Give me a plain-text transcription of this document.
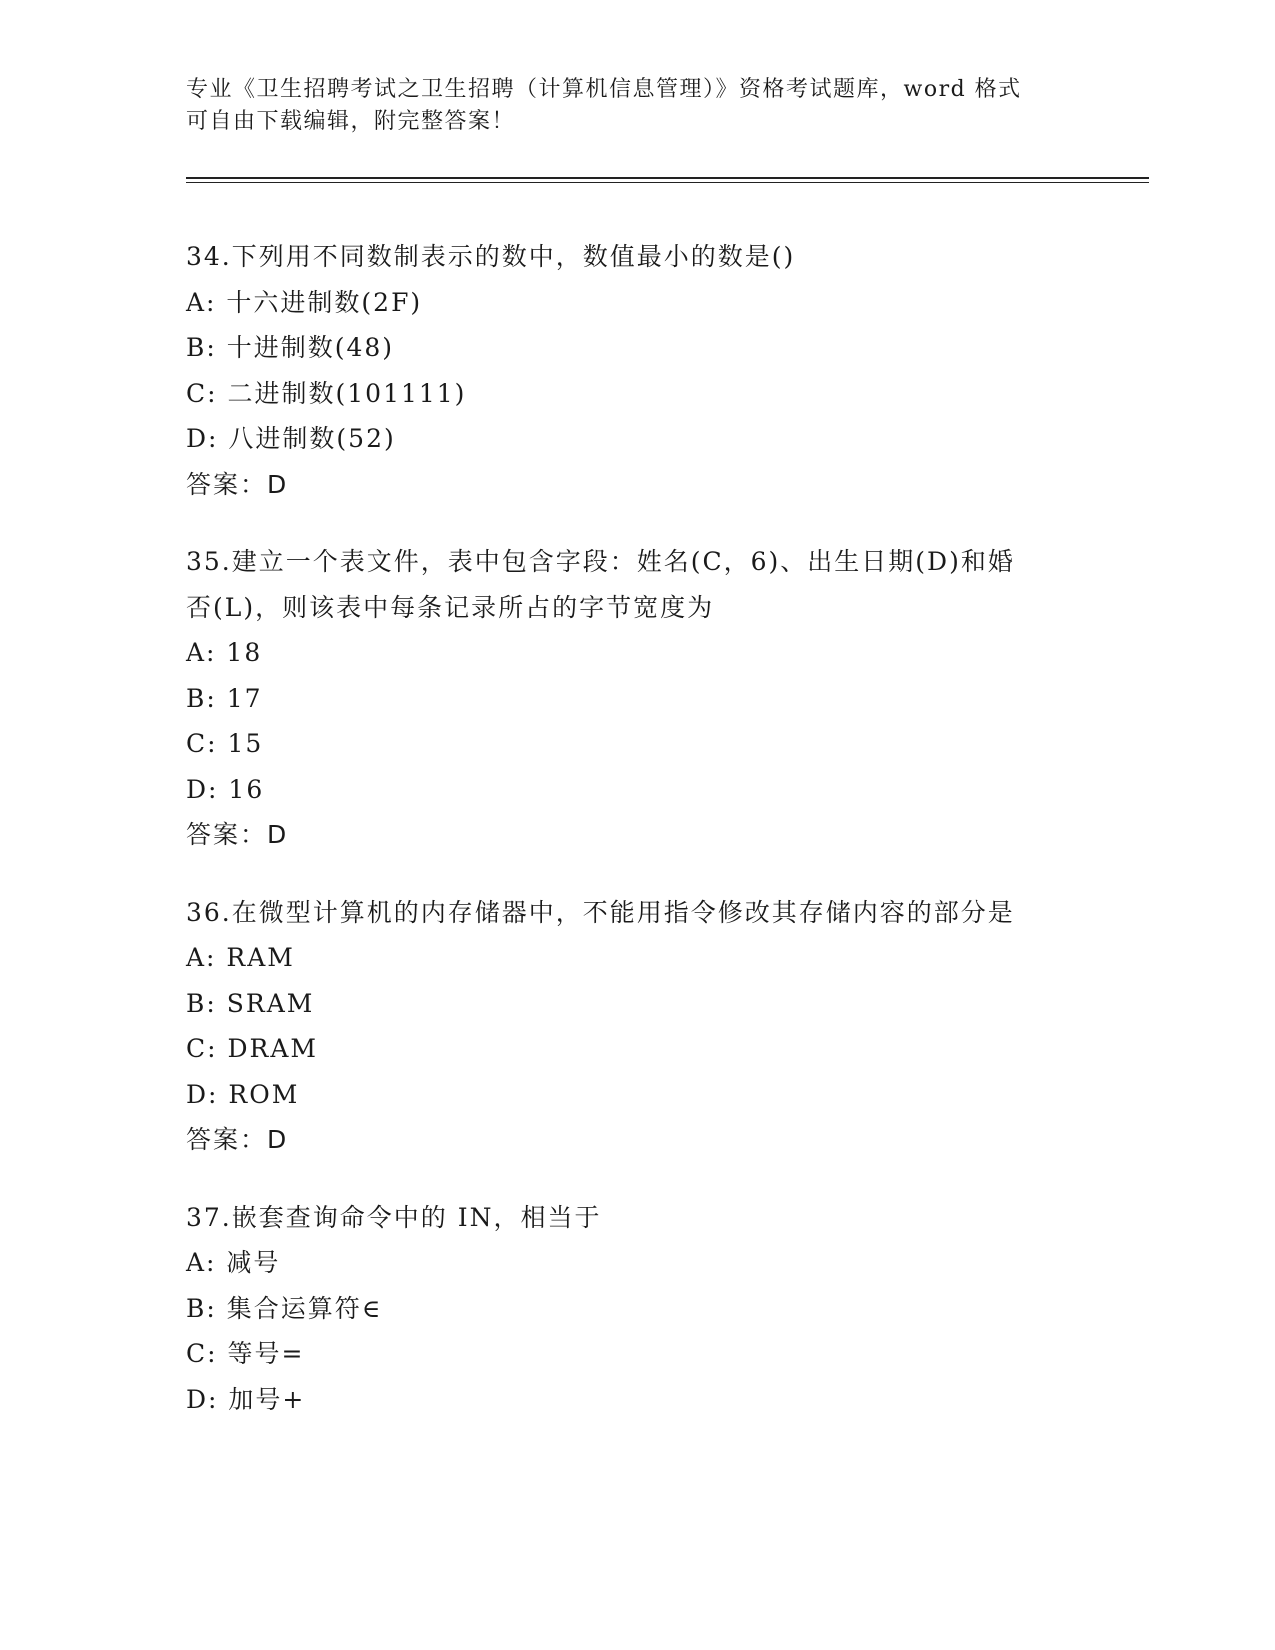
专业《卫生招聘考试之卫生招聘（计算机信息管理）》资格考试题库，word 格式
可自由下载编辑，附完整答案！
34.下列用不同数制表示的数中，数值最小的数是()
A: 十六进制数(2F)
B: 十进制数(48)
C: 二进制数(101111)
D: 八进制数(52)
答案：D
35.建立一个表文件，表中包含字段：姓名(C，6)、出生日期(D)和婚
否(L)，则该表中每条记录所占的字节宽度为
A: 18
B: 17
C: 15
D: 16
答案：D
36.在微型计算机的内存储器中，不能用指令修改其存储内容的部分是
A: RAM
B: SRAM
C: DRAM
D: ROM
答案：D
37.嵌套查询命令中的 IN，相当于
A: 减号
B: 集合运算符∈
C: 等号=
D: 加号+
